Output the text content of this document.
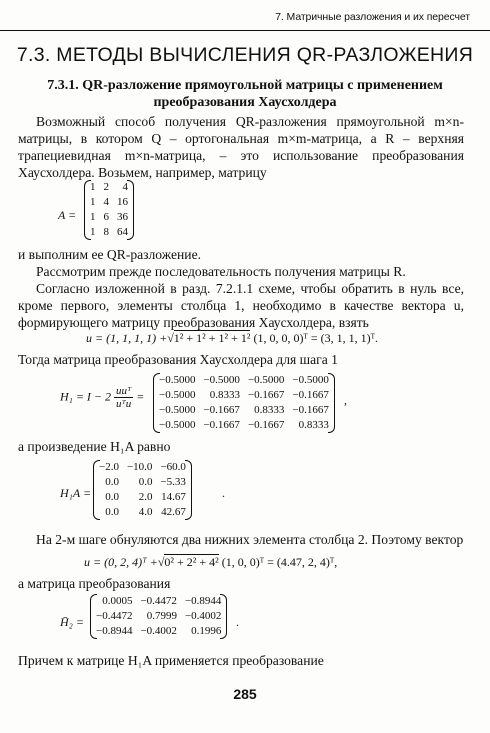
7. Матричные разложения и их пересчет
7.3. МЕТОДЫ ВЫЧИСЛЕНИЯ QR-РАЗЛОЖЕНИЯ
7.3.1. QR-разложение прямоугольной матрицы с применением
преобразования Хаусхолдера
Возможный способ получения QR-разложения прямоугольной m×n-матрицы, в котором Q – ортогональная m×m-матрица, а R – верхняя трапециевидная m×n-матрица, – это использование преобразования Хаусхолдера. Возьмем, например, матрицу
A =
1	2	4
1	4	16
1	6	36
1	8	64
и выполним ее QR-разложение.
Рассмотрим прежде последовательность получения матрицы R.
Согласно изложенной в разд. 7.2.1.1 схеме, чтобы обратить в нуль все, кроме первого, элементы столбца 1, необходимо в качестве вектора u, формирующего матрицу преобразования Хаусхолдера, взять
u = (1, 1, 1, 1) +√1² + 1² + 1² + 1² (1, 0, 0, 0)ᵀ = (3, 1, 1, 1)ᵀ.
Тогда матрица преобразования Хаусхолдера для шага 1
$H_1 = I - 2 \frac{\text{uuᵀ}}{\text{uᵀu}}$ =
−0.5000	−0.5000	−0.5000	−0.5000
−0.5000	0.8333	−0.1667	−0.1667
−0.5000	−0.1667	0.8333	−0.1667
−0.5000	−0.1667	−0.1667	0.8333
,
а произведение H₁A равно
H₁A =
−2.0	−10.0	−60.0
0.0	0.0	−5.33
0.0	2.0	14.67
0.0	4.0	42.67
.
На 2-м шаге обнуляются два нижних элемента столбца 2. Поэтому вектор
u = (0, 2, 4)ᵀ +√0² + 2² + 4² (1, 0, 0)ᵀ = (4.47, 2, 4)ᵀ,
а матрица преобразования
H̄₂ =
0.0005	−0.4472	−0.8944
−0.4472	0.7999	−0.4002
−0.8944	−0.4002	0.1996
.
Причем к матрице H₁A применяется преобразование
285
